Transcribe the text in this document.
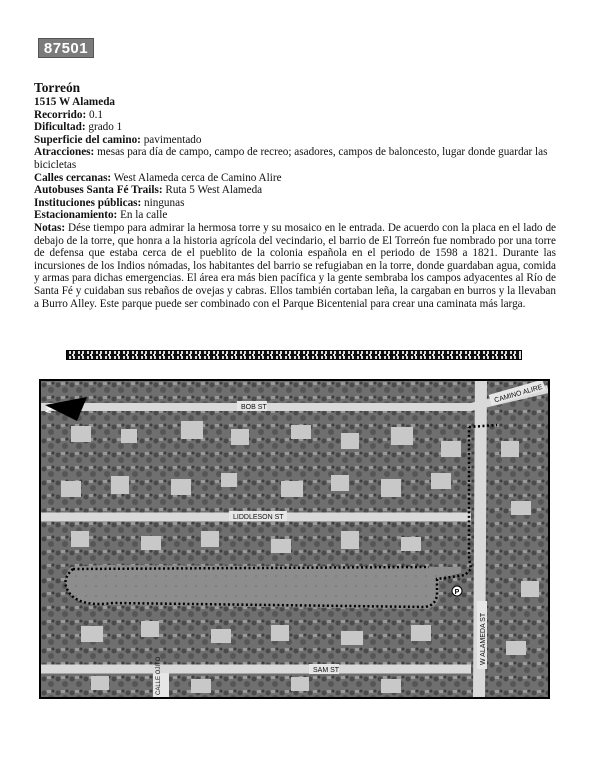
87501

Torreón

1515 W Alameda

Recorrido: 0.1

Dificultad: grado 1

Superficie del camino: pavimentado

Atracciones: mesas para día de campo, campo de recreo; asadores, campos de baloncesto, lugar donde guardar las bicicletas

Calles cercanas: West Alameda cerca de Camino Alire

Autobuses Santa Fé Trails: Ruta 5 West Alameda

Instituciones públicas: ningunas

Estacionamiento: En la calle

Notas: Dése tiempo para admirar la hermosa torre y su mosaico en le entrada. De acuerdo con la placa en el lado de debajo de la torre, que honra a la historia agrícola del vecindario, el barrio de El Torreón fue nombrado por una torre de defensa que estaba cerca de el pueblito de la colonia española en el periodo de 1598 a 1821. Durante las incursiones de los Indios nómadas, los habitantes del barrio se refugiaban en la torre, donde guardaban agua, comida y armas para dichas emergencias. El área era más bien pacífica y la gente sembraba los campos adyacentes al Río de Santa Fé y cuidaban sus rebaños de ovejas y cabras. Ellos también cortaban leña, la cargaban en burros y la llevaban a Burro Alley. Este parque puede ser combinado con el Parque Bicentenial para crear una caminata más larga.

P
N	BOB ST
CAMINO ALIRE
LIDDLESON ST
W ALAMEDA ST
SAM ST
CALLE OJITO
